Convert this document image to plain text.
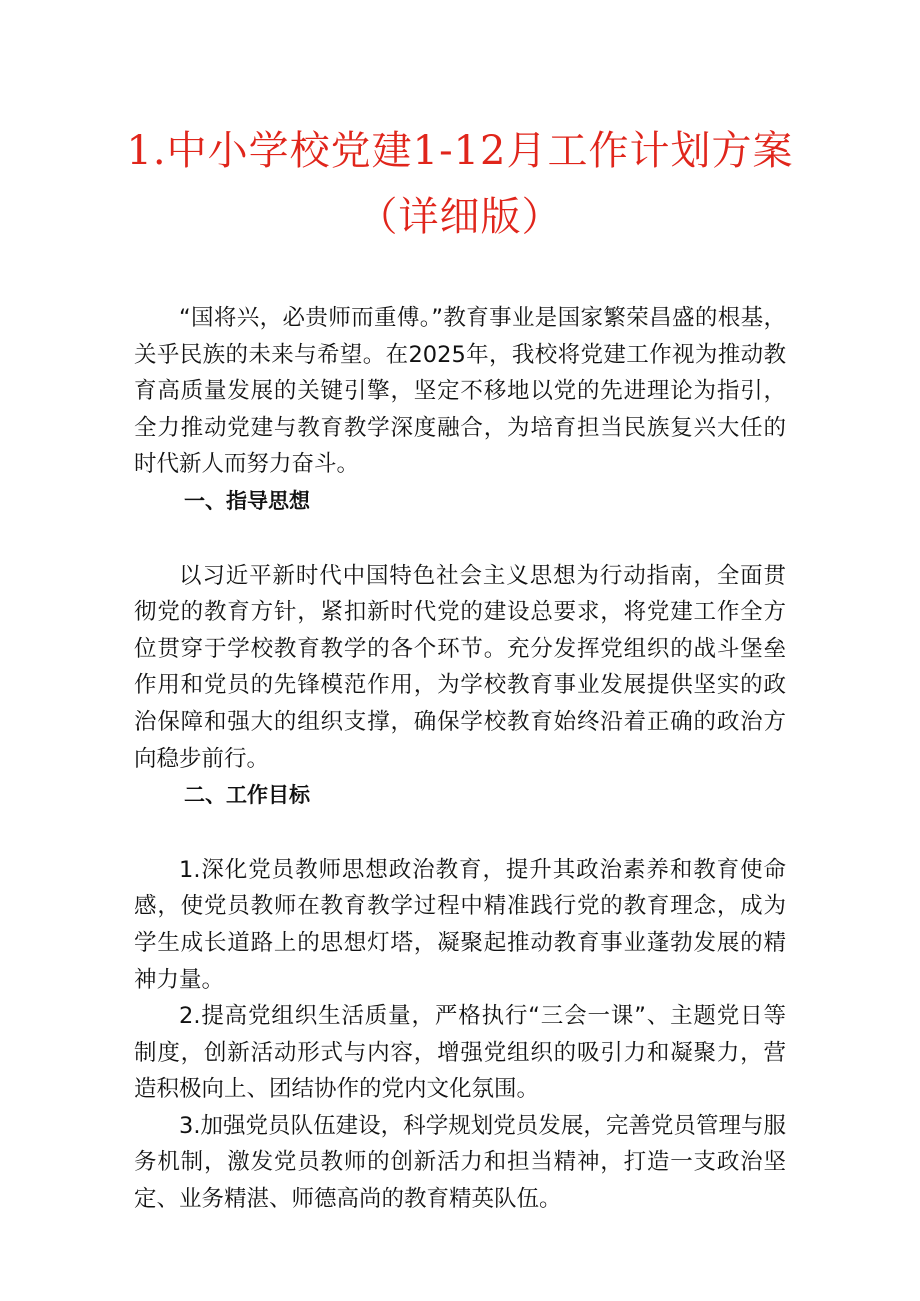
1.中小学校党建1-12月工作计划方案（详细版）

“国将兴，必贵师而重傅。”教育事业是国家繁荣昌盛的根基，关乎民族的未来与希望。在2025年，我校将党建工作视为推动教育高质量发展的关键引擎，坚定不移地以党的先进理论为指引，全力推动党建与教育教学深度融合，为培育担当民族复兴大任的时代新人而努力奋斗。

一、指导思想

以习近平新时代中国特色社会主义思想为行动指南，全面贯彻党的教育方针，紧扣新时代党的建设总要求，将党建工作全方位贯穿于学校教育教学的各个环节。充分发挥党组织的战斗堡垒作用和党员的先锋模范作用，为学校教育事业发展提供坚实的政治保障和强大的组织支撑，确保学校教育始终沿着正确的政治方向稳步前行。

二、工作目标

1.深化党员教师思想政治教育，提升其政治素养和教育使命感，使党员教师在教育教学过程中精准践行党的教育理念，成为学生成长道路上的思想灯塔，凝聚起推动教育事业蓬勃发展的精神力量。

2.提高党组织生活质量，严格执行“三会一课”、主题党日等制度，创新活动形式与内容，增强党组织的吸引力和凝聚力，营造积极向上、团结协作的党内文化氛围。

3.加强党员队伍建设，科学规划党员发展，完善党员管理与服务机制，激发党员教师的创新活力和担当精神，打造一支政治坚定、业务精湛、师德高尚的教育精英队伍。
